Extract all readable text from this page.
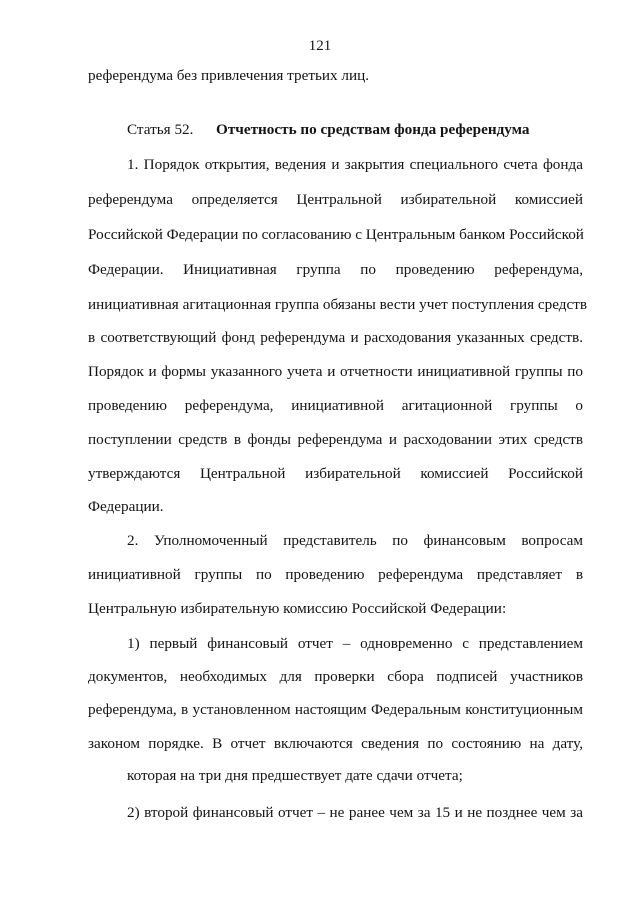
121
референдума без привлечения третьих лиц.
Статья 52. Отчетность по средствам фонда референдума
1. Порядок открытия, ведения и закрытия специального счета фонда
референдума определяется Центральной избирательной комиссией
Российской Федерации по согласованию с Центральным банком Российской
Федерации. Инициативная группа по проведению референдума,
инициативная агитационная группа обязаны вести учет поступления средств
в соответствующий фонд референдума и расходования указанных средств.
Порядок и формы указанного учета и отчетности инициативной группы по
проведению референдума, инициативной агитационной группы о
поступлении средств в фонды референдума и расходовании этих средств
утверждаются Центральной избирательной комиссией Российской
Федерации.
2. Уполномоченный представитель по финансовым вопросам
инициативной группы по проведению референдума представляет в
Центральную избирательную комиссию Российской Федерации:
1) первый финансовый отчет – одновременно с представлением
документов, необходимых для проверки сбора подписей участников
референдума, в установленном настоящим Федеральным конституционным
законом порядке. В отчет включаются сведения по состоянию на дату,
которая на три дня предшествует дате сдачи отчета;
2) второй финансовый отчет – не ранее чем за 15 и не позднее чем за
